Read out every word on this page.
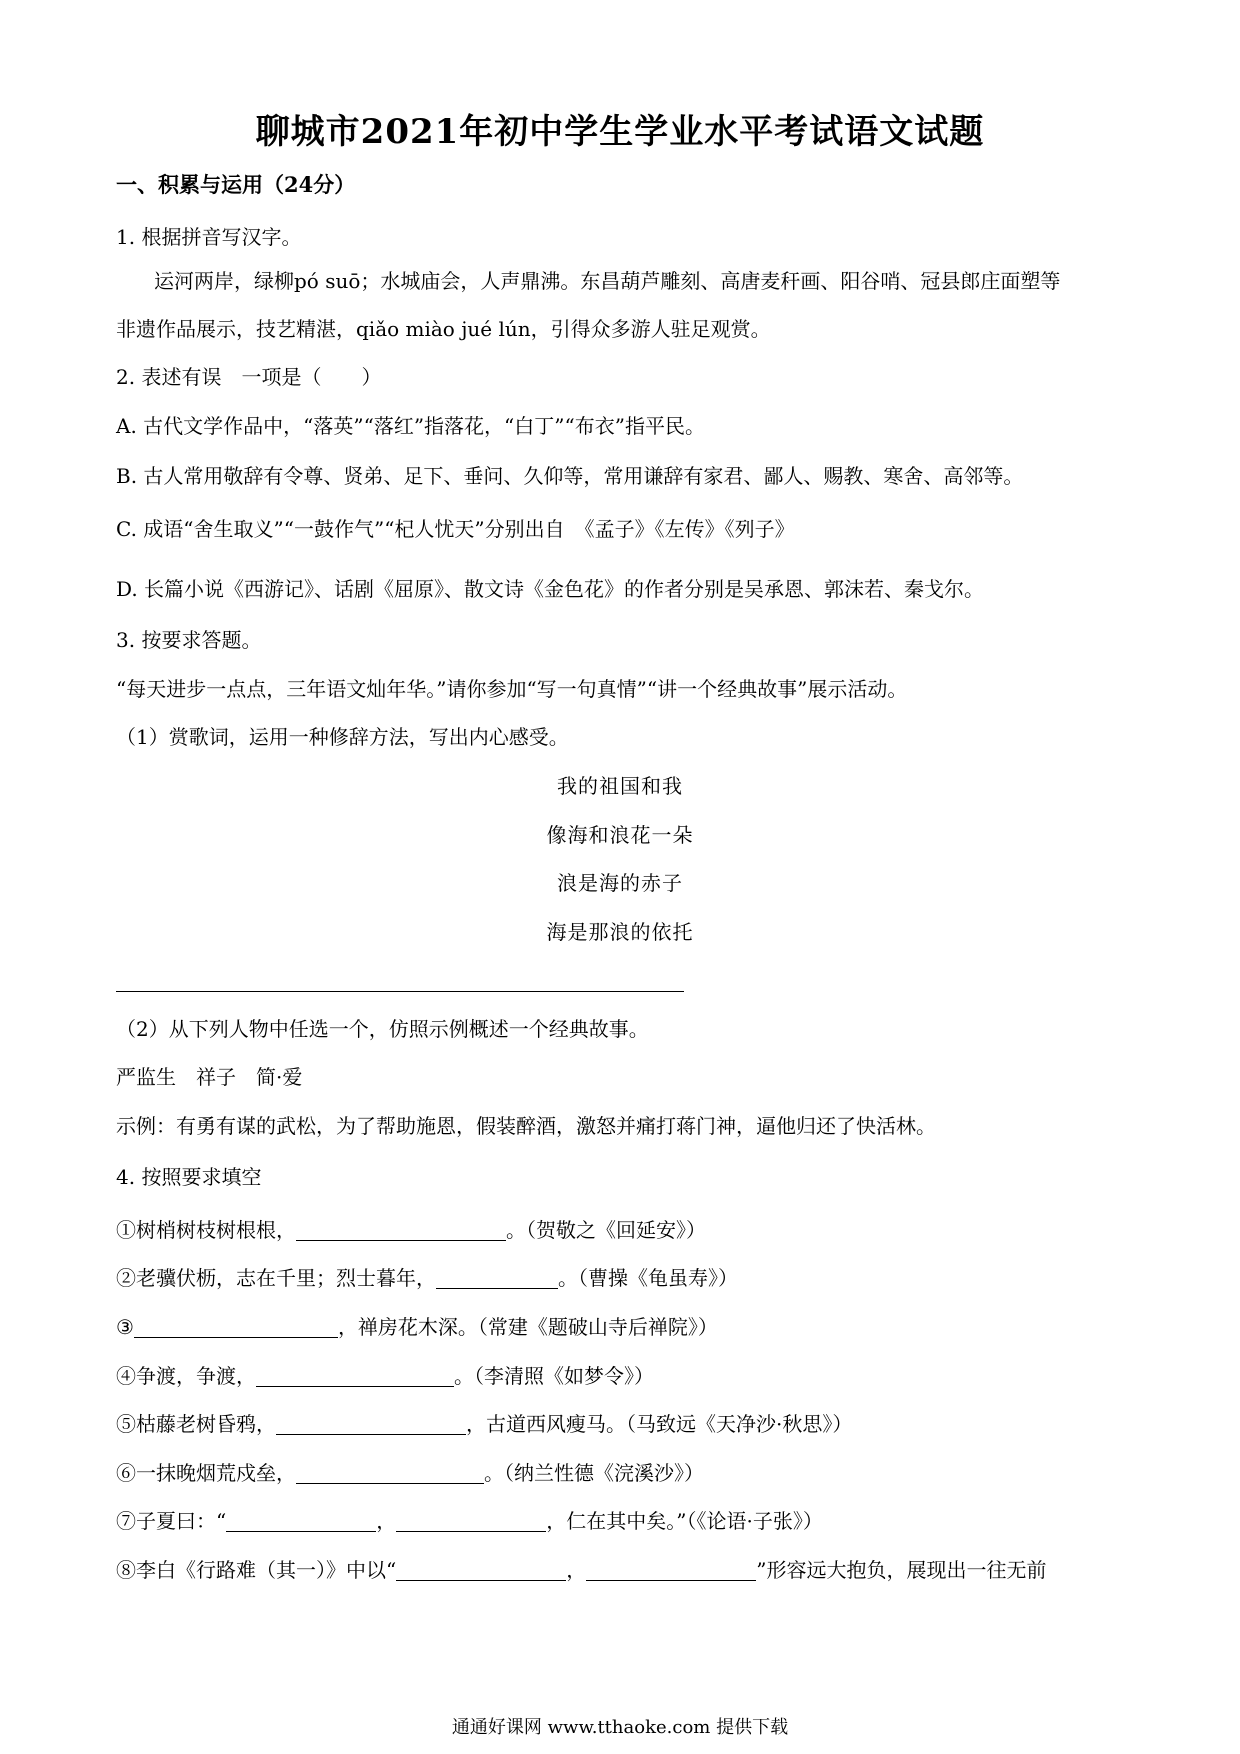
聊城市2021年初中学生学业水平考试语文试题
一、积累与运用（24分）
1. 根据拼音写汉字。
运河两岸，绿柳pó suō；水城庙会，人声鼎沸。东昌葫芦雕刻、高唐麦秆画、阳谷哨、冠县郎庄面塑等
非遗作品展示，技艺精湛，qiǎo miào jué lún，引得众多游人驻足观赏。
2. 表述有误　一项是（　　）
A. 古代文学作品中，“落英”“落红”指落花，“白丁”“布衣”指平民。
B. 古人常用敬辞有令尊、贤弟、足下、垂问、久仰等，常用谦辞有家君、鄙人、赐教、寒舍、高邻等。
C. 成语“舍生取义”“一鼓作气”“杞人忧天”分别出自　《孟子》《左传》《列子》
D. 长篇小说《西游记》、话剧《屈原》、散文诗《金色花》的作者分别是吴承恩、郭沫若、秦戈尔。
3. 按要求答题。
“每天进步一点点，三年语文灿年华。”请你参加“写一句真情”“讲一个经典故事”展示活动。
（1）赏歌词，运用一种修辞方法，写出内心感受。
我的祖国和我
像海和浪花一朵
浪是海的赤子
海是那浪的依托
（2）从下列人物中任选一个，仿照示例概述一个经典故事。
严监生　祥子　简·爱
示例：有勇有谋的武松，为了帮助施恩，假装醉酒，激怒并痛打蒋门神，逼他归还了快活林。
4. 按照要求填空
①树梢树枝树根根，	。（贺敬之《回延安》）
②老骥伏枥，志在千里；烈士暮年，	。（曹操《龟虽寿》）
③	，禅房花木深。（常建《题破山寺后禅院》）
④争渡，争渡，	。（李清照《如梦令》）
⑤枯藤老树昏鸦，	，古道西风瘦马。（马致远《天净沙·秋思》）
⑥一抹晚烟荒戍垒，	。（纳兰性德《浣溪沙》）
⑦子夏曰：“	，	，仁在其中矣。”（《论语·子张》）
⑧李白《行路难（其一）》中以“	，	”形容远大抱负，展现出一往无前
通通好课网 www.tthaoke.com 提供下载
